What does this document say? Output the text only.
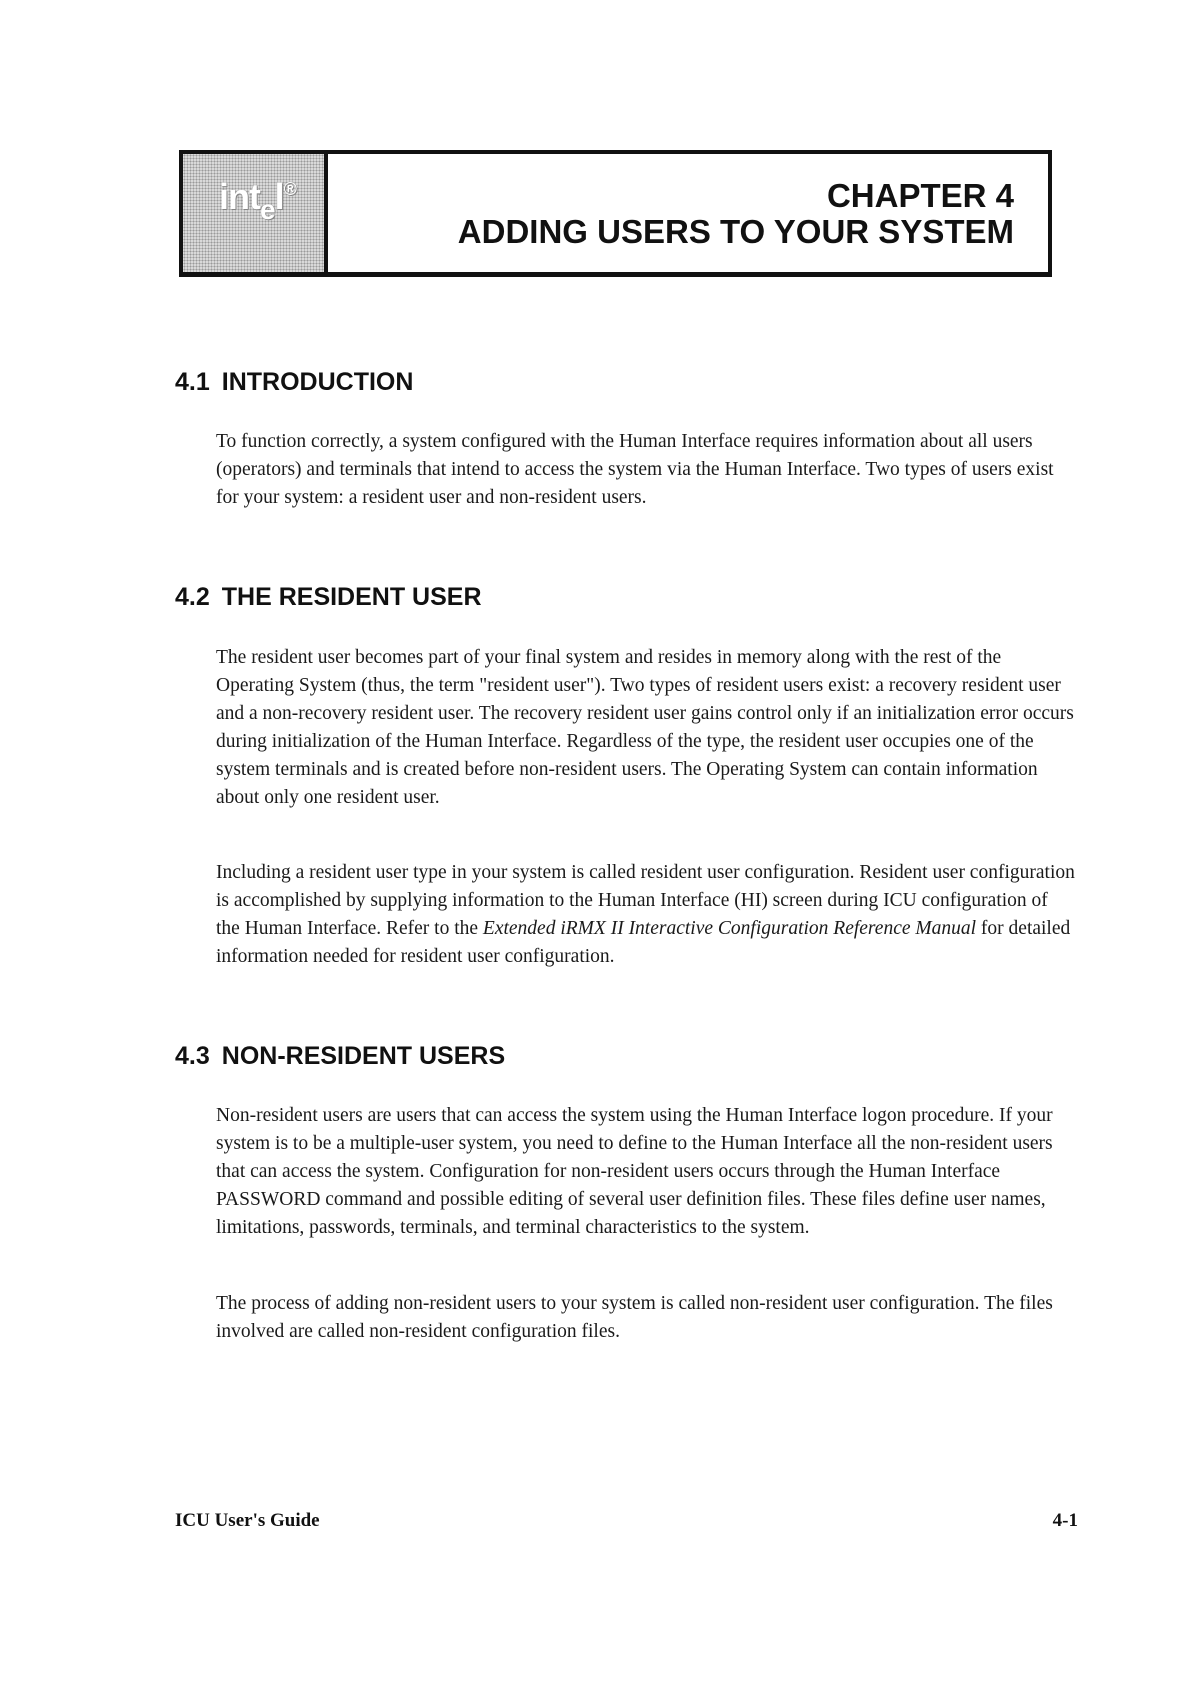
int$_e$l®	CHAPTER 4
ADDING USERS TO YOUR SYSTEM
4.1 INTRODUCTION

To function correctly, a system configured with the Human Interface requires information about all users (operators) and terminals that intend to access the system via the Human Interface. Two types of users exist for your system: a resident user and non-resident users.

4.2 THE RESIDENT USER

The resident user becomes part of your final system and resides in memory along with the rest of the Operating System (thus, the term "resident user"). Two types of resident users exist: a recovery resident user and a non-recovery resident user. The recovery resident user gains control only if an initialization error occurs during initialization of the Human Interface. Regardless of the type, the resident user occupies one of the system terminals and is created before non-resident users. The Operating System can contain information about only one resident user.

Including a resident user type in your system is called resident user configuration. Resident user configuration is accomplished by supplying information to the Human Interface (HI) screen during ICU configuration of the Human Interface. Refer to the Extended iRMX II Interactive Configuration Reference Manual for detailed information needed for resident user configuration.

4.3 NON-RESIDENT USERS

Non-resident users are users that can access the system using the Human Interface logon procedure. If your system is to be a multiple-user system, you need to define to the Human Interface all the non-resident users that can access the system. Configuration for non-resident users occurs through the Human Interface PASSWORD command and possible editing of several user definition files. These files define user names, limitations, passwords, terminals, and terminal characteristics to the system.

The process of adding non-resident users to your system is called non-resident user configuration. The files involved are called non-resident configuration files.

ICU User's Guide	4-1
